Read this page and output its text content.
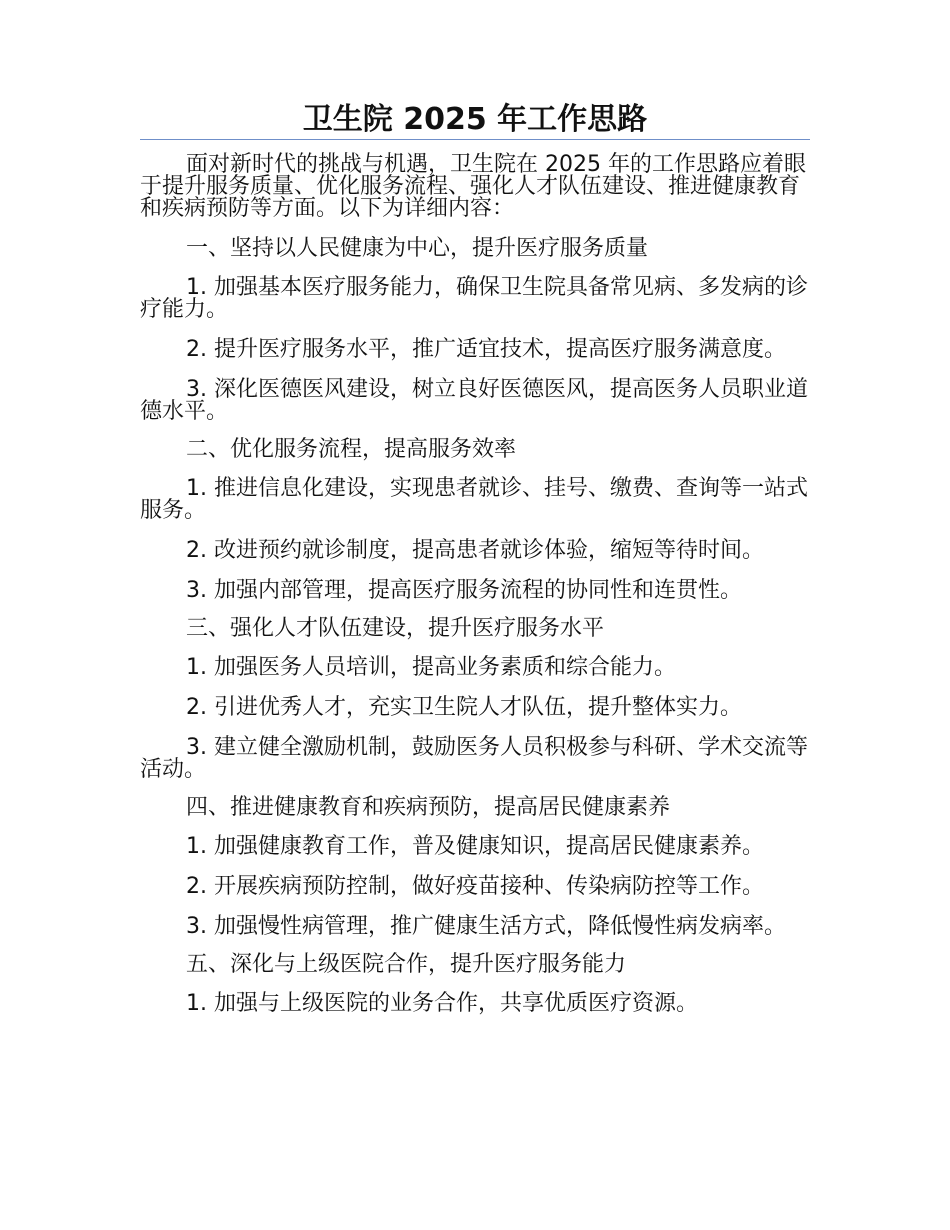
卫生院 2025 年工作思路

面对新时代的挑战与机遇，卫生院在 2025 年的工作思路应着眼于提升服务质量、优化服务流程、强化人才队伍建设、推进健康教育和疾病预防等方面。以下为详细内容：

一、坚持以人民健康为中心，提升医疗服务质量

1. 加强基本医疗服务能力，确保卫生院具备常见病、多发病的诊疗能力。

2. 提升医疗服务水平，推广适宜技术，提高医疗服务满意度。

3. 深化医德医风建设，树立良好医德医风，提高医务人员职业道德水平。

二、优化服务流程，提高服务效率

1. 推进信息化建设，实现患者就诊、挂号、缴费、查询等一站式服务。

2. 改进预约就诊制度，提高患者就诊体验，缩短等待时间。

3. 加强内部管理，提高医疗服务流程的协同性和连贯性。

三、强化人才队伍建设，提升医疗服务水平

1. 加强医务人员培训，提高业务素质和综合能力。

2. 引进优秀人才，充实卫生院人才队伍，提升整体实力。

3. 建立健全激励机制，鼓励医务人员积极参与科研、学术交流等活动。

四、推进健康教育和疾病预防，提高居民健康素养

1. 加强健康教育工作，普及健康知识，提高居民健康素养。

2. 开展疾病预防控制，做好疫苗接种、传染病防控等工作。

3. 加强慢性病管理，推广健康生活方式，降低慢性病发病率。

五、深化与上级医院合作，提升医疗服务能力

1. 加强与上级医院的业务合作，共享优质医疗资源。
